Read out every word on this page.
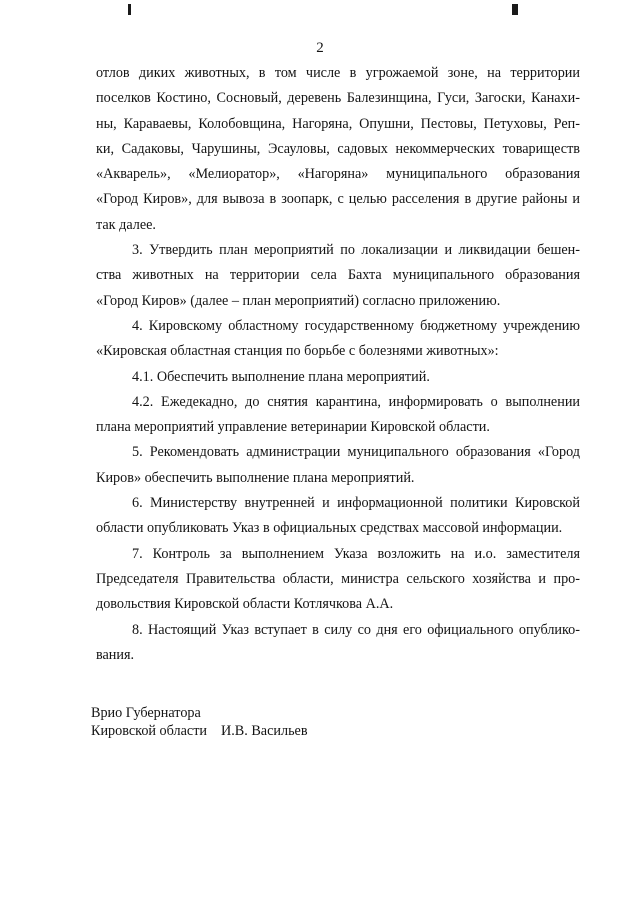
2

отлов диких животных, в том числе в угрожаемой зоне, на территории

поселков Костино, Сосновый, деревень Балезинщина, Гуси, Загоски, Канахи-

ны, Караваевы, Колобовщина, Нагоряна, Опушни, Пестовы, Петуховы, Реп-

ки, Садаковы, Чарушины, Эсауловы, садовых некоммерческих товариществ

«Акварель», «Мелиоратор», «Нагоряна» муниципального образования

«Город Киров», для вывоза в зоопарк, с целью расселения в другие районы и

так далее.

3. Утвердить план мероприятий по локализации и ликвидации бешен-

ства животных на территории села Бахта муниципального образования

«Город Киров» (далее – план мероприятий) согласно приложению.

4. Кировскому областному государственному бюджетному учреждению

«Кировская областная станция по борьбе с болезнями животных»:

4.1. Обеспечить выполнение плана мероприятий.

4.2. Ежедекадно, до снятия карантина, информировать о выполнении

плана мероприятий управление ветеринарии Кировской области.

5. Рекомендовать администрации муниципального образования «Город

Киров» обеспечить выполнение плана мероприятий.

6. Министерству внутренней и информационной политики Кировской

области опубликовать Указ в официальных средствах массовой информации.

7. Контроль за выполнением Указа возложить на и.о. заместителя

Председателя Правительства области, министра сельского хозяйства и про-

довольствия Кировской области Котлячкова А.А.

8. Настоящий Указ вступает в силу со дня его официального опублико-

вания.

Врио Губернатора
Кировской области И.В. Васильев
